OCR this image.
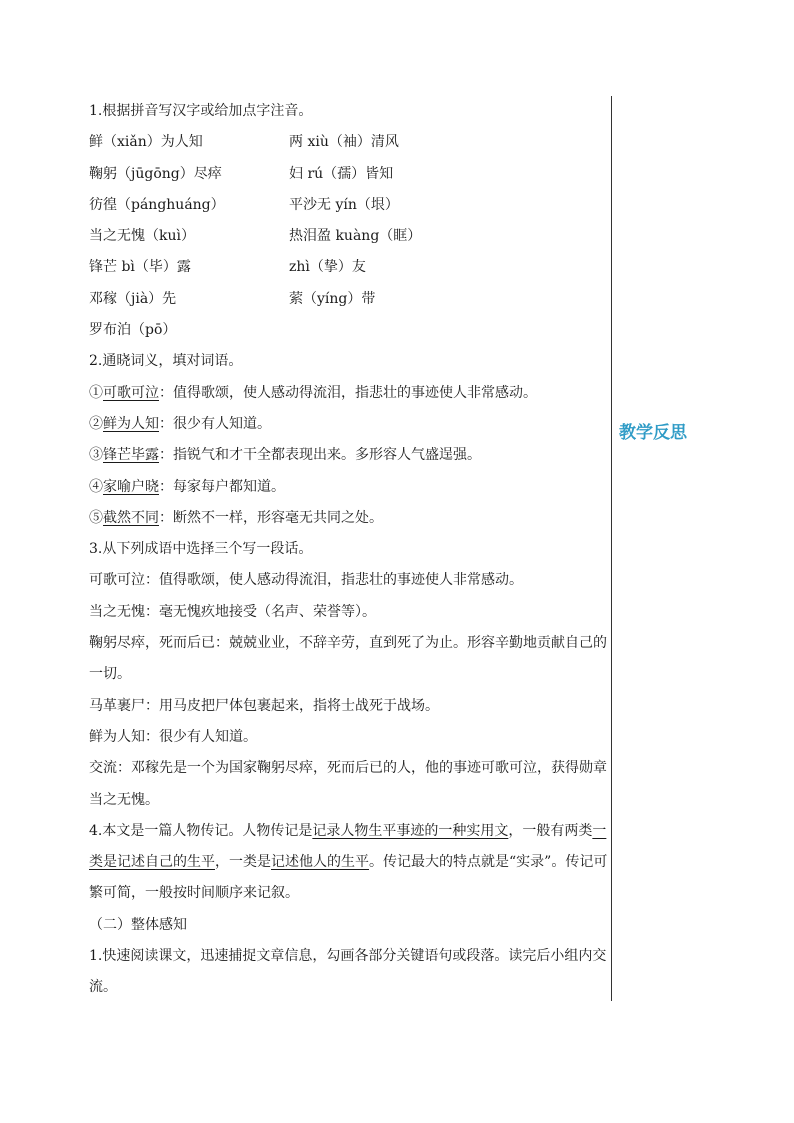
1.根据拼音写汉字或给加点字注音。
鲜（xiǎn）为人知	两 xiù（袖）清风
鞠躬（jūgōng）尽瘁	妇 rú（孺）皆知
彷徨（pánghuáng）	平沙无 yín（垠）
当之无愧（kuì）	热泪盈 kuàng（眶）
锋芒 bì（毕）露	zhì（挚）友
邓稼（jià）先	萦（yíng）带
罗布泊（pō）
2.通晓词义，填对词语。
①可歌可泣：值得歌颂，使人感动得流泪，指悲壮的事迹使人非常感动。
②鲜为人知：很少有人知道。
③锋芒毕露：指锐气和才干全都表现出来。多形容人气盛逞强。
④家喻户晓：每家每户都知道。
⑤截然不同：断然不一样，形容毫无共同之处。
3.从下列成语中选择三个写一段话。
可歌可泣：值得歌颂，使人感动得流泪，指悲壮的事迹使人非常感动。
当之无愧：毫无愧疚地接受（名声、荣誉等）。
鞠躬尽瘁，死而后已：兢兢业业，不辞辛劳，直到死了为止。形容辛勤地贡献自己的一切。
马革裹尸：用马皮把尸体包裹起来，指将士战死于战场。
鲜为人知：很少有人知道。
交流：邓稼先是一个为国家鞠躬尽瘁，死而后已的人，他的事迹可歌可泣，获得勋章当之无愧。
4.本文是一篇人物传记。人物传记是记录人物生平事迹的一种实用文，一般有两类一类是记述自己的生平，一类是记述他人的生平。传记最大的特点就是“实录”。传记可繁可简，一般按时间顺序来记叙。
（二）整体感知
1.快速阅读课文，迅速捕捉文章信息，勾画各部分关键语句或段落。读完后小组内交流。
教学反思
